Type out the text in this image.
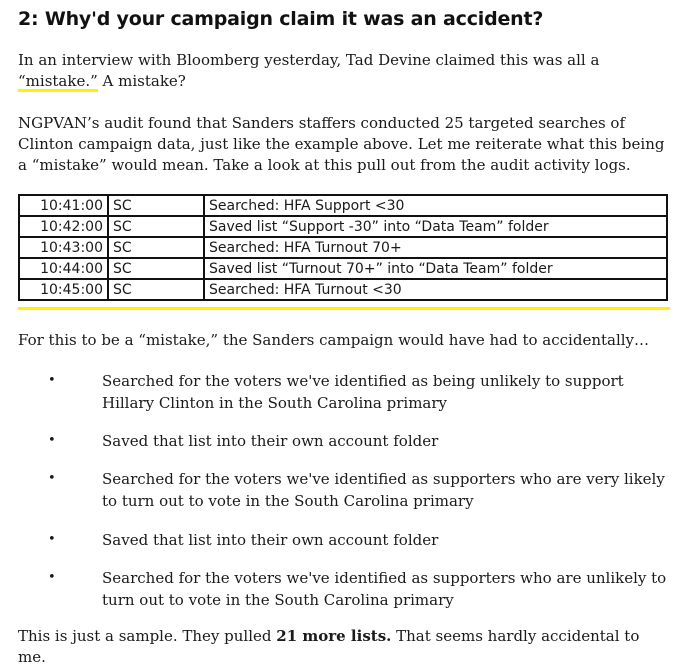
2: Why'd your campaign claim it was an accident?

In an interview with Bloomberg yesterday, Tad Devine claimed this was all a “mistake.” A mistake?

NGPVAN’s audit found that Sanders staffers conducted 25 targeted searches of Clinton campaign data, just like the example above. Let me reiterate what this being a “mistake” would mean. Take a look at this pull out from the audit activity logs.

10:41:00	SC	Searched: HFA Support <30
10:42:00	SC	Saved list “Support -30” into “Data Team” folder
10:43:00	SC	Searched: HFA Turnout 70+
10:44:00	SC	Saved list “Turnout 70+” into “Data Team” folder
10:45:00	SC	Searched: HFA Turnout <30

For this to be a “mistake,” the Sanders campaign would have had to accidentally…

•	Searched for the voters we've identified as being unlikely to support Hillary Clinton in the South Carolina primary
•	Saved that list into their own account folder
•	Searched for the voters we've identified as supporters who are very likely to turn out to vote in the South Carolina primary
•	Saved that list into their own account folder
•	Searched for the voters we've identified as supporters who are unlikely to turn out to vote in the South Carolina primary

This is just a sample. They pulled 21 more lists. That seems hardly accidental to me.
